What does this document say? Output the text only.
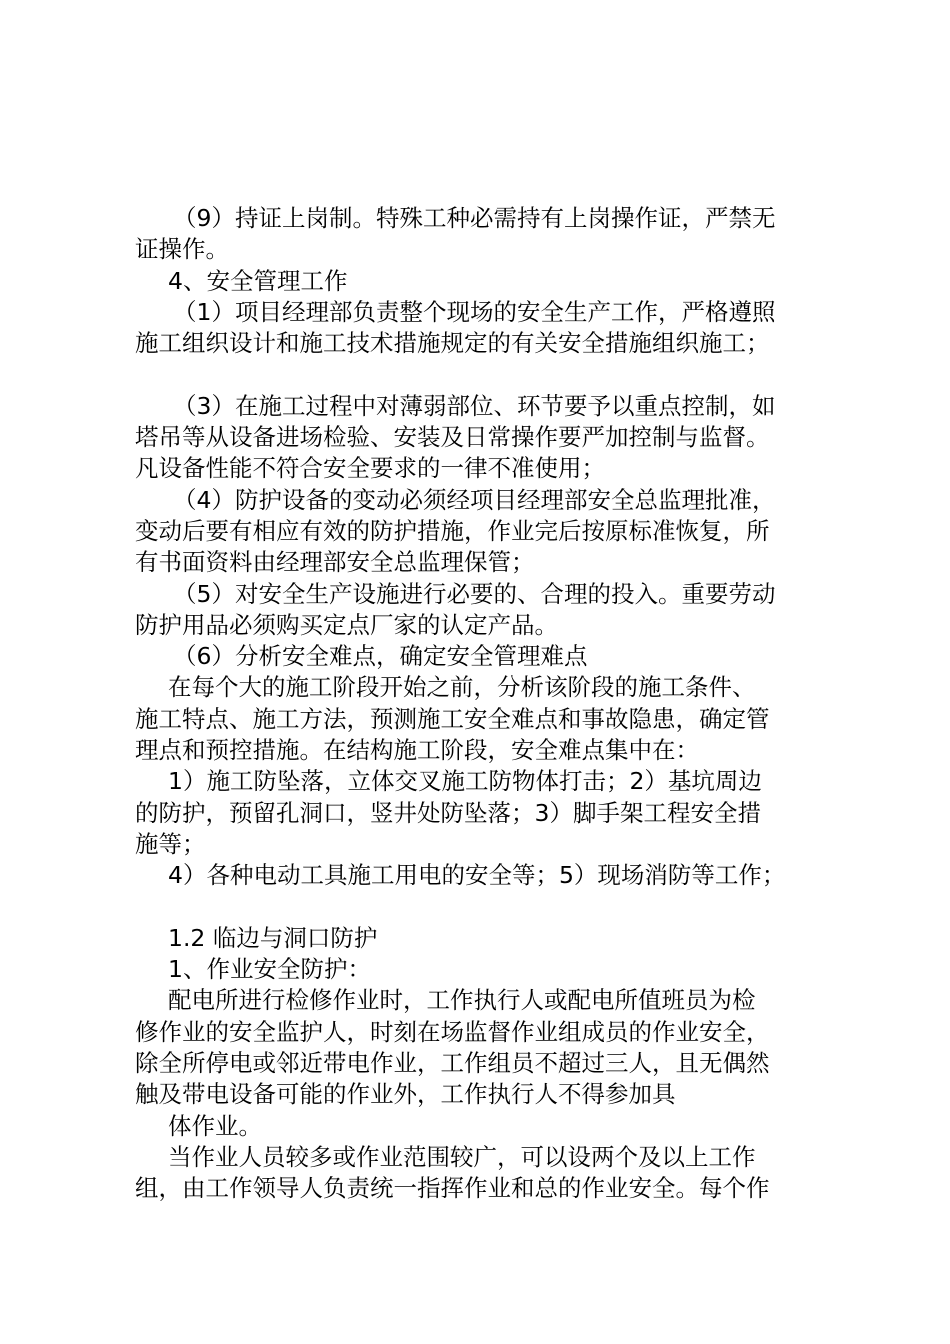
（9）持证上岗制。特殊工种必需持有上岗操作证，严禁无
证操作。
4、安全管理工作
（1）项目经理部负责整个现场的安全生产工作，严格遵照
施工组织设计和施工技术措施规定的有关安全措施组织施工；
（3）在施工过程中对薄弱部位、环节要予以重点控制，如
塔吊等从设备进场检验、安装及日常操作要严加控制与监督。
凡设备性能不符合安全要求的一律不准使用；
（4）防护设备的变动必须经项目经理部安全总监理批准，
变动后要有相应有效的防护措施，作业完后按原标准恢复，所
有书面资料由经理部安全总监理保管；
（5）对安全生产设施进行必要的、合理的投入。重要劳动
防护用品必须购买定点厂家的认定产品。
（6）分析安全难点，确定安全管理难点
在每个大的施工阶段开始之前，分析该阶段的施工条件、
施工特点、施工方法，预测施工安全难点和事故隐患，确定管
理点和预控措施。在结构施工阶段，安全难点集中在：
1）施工防坠落，立体交叉施工防物体打击；2）基坑周边
的防护，预留孔洞口，竖井处防坠落；3）脚手架工程安全措
施等；
4）各种电动工具施工用电的安全等；5）现场消防等工作；
1.2 临边与洞口防护
1、作业安全防护：
配电所进行检修作业时，工作执行人或配电所值班员为检
修作业的安全监护人，时刻在场监督作业组成员的作业安全，
除全所停电或邻近带电作业，工作组员不超过三人，且无偶然
触及带电设备可能的作业外，工作执行人不得参加具
体作业。
当作业人员较多或作业范围较广，可以设两个及以上工作
组，由工作领导人负责统一指挥作业和总的作业安全。每个作
